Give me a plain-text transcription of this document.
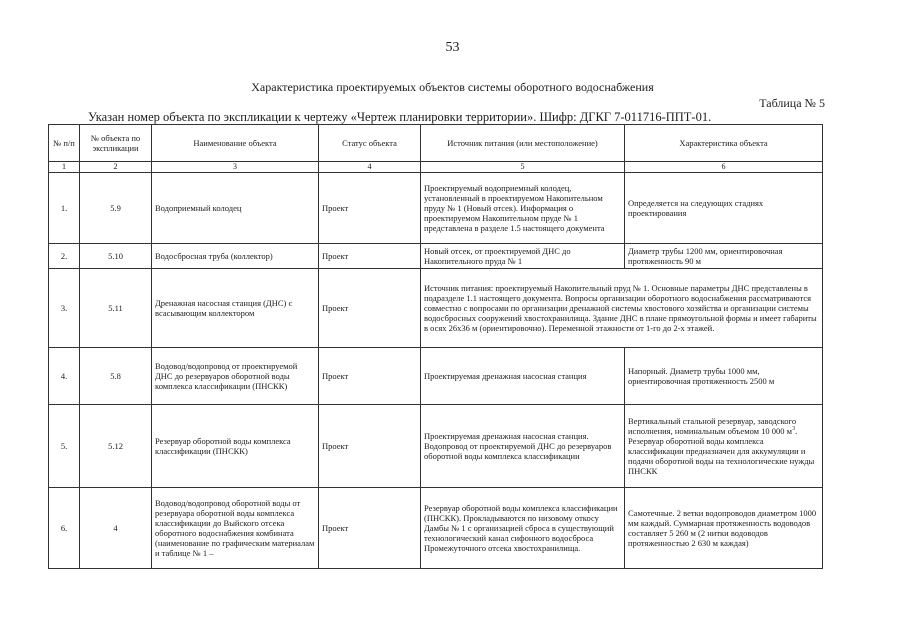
53
Характеристика проектируемых объектов системы оборотного водоснабжения
Таблица № 5
Указан номер объекта по экспликации к чертежу «Чертеж планировки территории». Шифр: ДГКГ 7-011716-ППТ-01.
№ п/п	№ объекта по экспликации	Наименование объекта	Статус объекта	Источник питания (или местоположение)	Характеристика объекта
1	2	3	4	5	6
1.	5.9	Водоприемный колодец	Проект	Проектируемый водоприемный колодец, установленный в проектируемом Накопительном пруду № 1 (Новый отсек). Информация о проектируемом Накопительном пруде № 1 представлена в разделе 1.5 настоящего документа	Определяется на следующих стадиях проектирования
2.	5.10	Водосбросная труба (коллектор)	Проект	Новый отсек, от проектируемой ДНС до Накопительного пруда № 1	Диаметр трубы 1200 мм, ориентировочная протяженность 90 м
3.	5.11	Дренажная насосная станция (ДНС) с всасывающим коллектором	Проект	Источник питания: проектируемый Накопительный пруд № 1. Основные параметры ДНС представлены в подразделе 1.1 настоящего документа. Вопросы организации оборотного водоснабжения рассматриваются совместно с вопросами по организации дренажной системы хвостового хозяйства и организации системы водосбросных сооружений хвостохранилища. Здание ДНС в плане прямоугольной формы и имеет габариты в осях 26х36 м (ориентировочно). Переменной этажности от 1-го до 2-х этажей.	
4.	5.8	Водовод/водопровод от проектируемой ДНС до резервуаров оборотной воды комплекса классификации (ПНСКК)	Проект	Проектируемая дренажная насосная станция	Напорный. Диаметр трубы 1000 мм, ориентировочная протяженность 2500 м
5.	5.12	Резервуар оборотной воды комплекса классификации (ПНСКК)	Проект	Проектируемая дренажная насосная станция. Водопровод от проектируемой ДНС до резервуаров оборотной воды комплекса классификации	Вертикальный стальной резервуар, заводского исполнения, номинальным объемом 10 000 $м^3$. Резервуар оборотной воды комплекса классификации предназначен для аккумуляции и подачи оборотной воды на технологические нужды ПНСКК
6.	4	Водовод/водопровод оборотной воды от резервуара оборотной воды комплекса классификации до Выйского отсека оборотного водоснабжения комбината (наименование по графическим материалам и таблице № 1 –	Проект	Резервуар оборотной воды комплекса классификации (ПНСКК). Прокладываются по низовому откосу Дамбы № 1 с организацией сброса в существующий технологический канал сифонного водосброса Промежуточного отсека хвостохранилища.	Самотечные. 2 ветки водопроводов диаметром 1000 мм каждый. Суммарная протяженность водоводов составляет 5 260 м (2 нитки водоводов протяженностью 2 630 м каждая)
